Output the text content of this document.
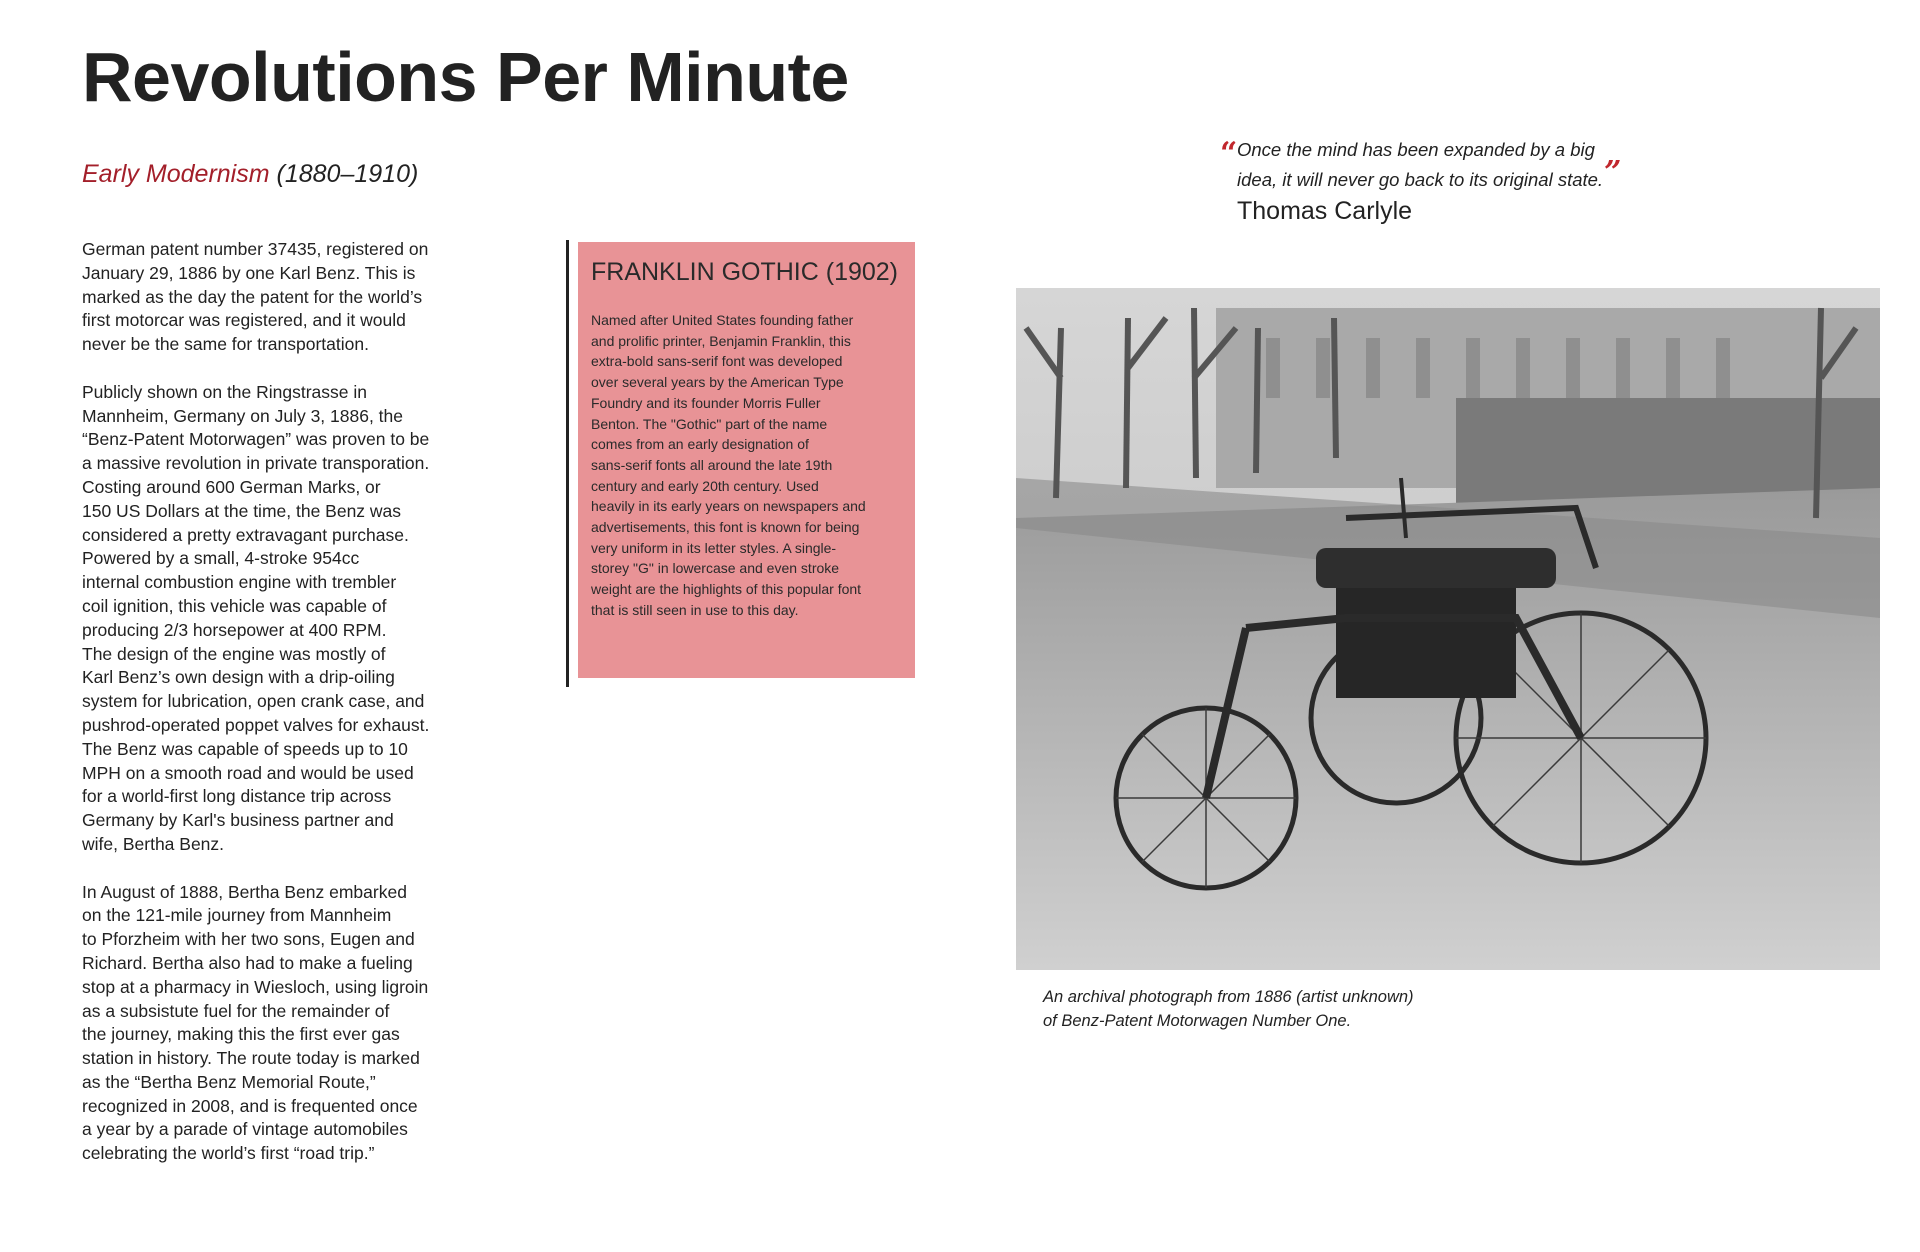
Revolutions Per Minute
Early Modernism (1880–1910)

German patent number 37435, registered on
January 29, 1886 by one Karl Benz. This is
marked as the day the patent for the world’s
first motorcar was registered, and it would
never be the same for transportation.

Publicly shown on the Ringstrasse in
Mannheim, Germany on July 3, 1886, the
“Benz-Patent Motorwagen” was proven to be
a massive revolution in private transporation.
Costing around 600 German Marks, or
150 US Dollars at the time, the Benz was
considered a pretty extravagant purchase.
Powered by a small, 4-stroke 954cc
internal combustion engine with trembler
coil ignition, this vehicle was capable of
producing 2/3 horsepower at 400 RPM.
The design of the engine was mostly of
Karl Benz’s own design with a drip-oiling
system for lubrication, open crank case, and
pushrod-operated poppet valves for exhaust.
The Benz was capable of speeds up to 10
MPH on a smooth road and would be used
for a world-first long distance trip across
Germany by Karl's business partner and
wife, Bertha Benz.

In August of 1888, Bertha Benz embarked
on the 121-mile journey from Mannheim
to Pforzheim with her two sons, Eugen and
Richard. Bertha also had to make a fueling
stop at a pharmacy in Wiesloch, using ligroin
as a subsistute fuel for the remainder of
the journey, making this the first ever gas
station in history. The route today is marked
as the “Bertha Benz Memorial Route,”
recognized in 2008, and is frequented once
a year by a parade of vintage automobiles
celebrating the world’s first “road trip.”

FRANKLIN GOTHIC (1902)
Named after United States founding father
and prolific printer, Benjamin Franklin, this
extra-bold sans-serif font was developed
over several years by the American Type
Foundry and its founder Morris Fuller
Benton. The "Gothic" part of the name
comes from an early designation of
sans-serif fonts all around the late 19th
century and early 20th century. Used
heavily in its early years on newspapers and
advertisements, this font is known for being
very uniform in its letter styles. A single-
storey "G" in lowercase and even stroke
weight are the highlights of this popular font
that is still seen in use to this day.
“ Once the mind has been expanded by a big
idea, it will never go back to its original state.”
Thomas Carlyle
An archival photograph from 1886 (artist unknown)
of Benz-Patent Motorwagen Number One.
